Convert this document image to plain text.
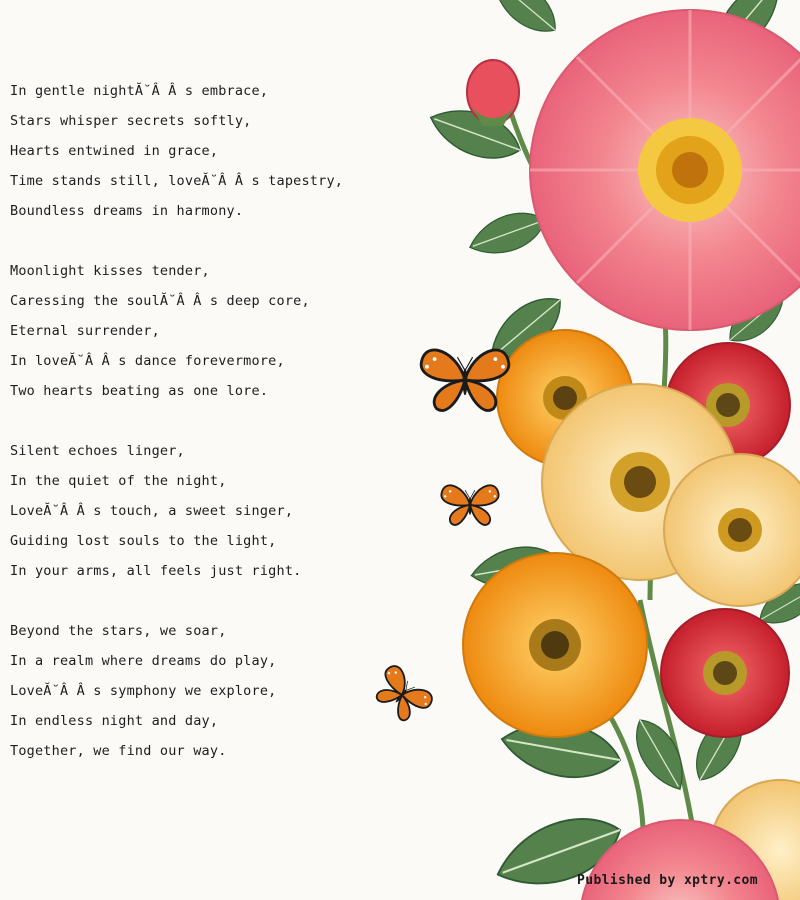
In gentle nightĂ˘Â Â s embrace,
Stars whisper secrets softly,
Hearts entwined in grace,
Time stands still, loveĂ˘Â Â s tapestry,
Boundless dreams in harmony.
Moonlight kisses tender,
Caressing the soulĂ˘Â Â s deep core,
Eternal surrender,
In loveĂ˘Â Â s dance forevermore,
Two hearts beating as one lore.
Silent echoes linger,
In the quiet of the night,
LoveĂ˘Â Â s touch, a sweet singer,
Guiding lost souls to the light,
In your arms, all feels just right.
Beyond the stars, we soar,
In a realm where dreams do play,
LoveĂ˘Â Â s symphony we explore,
In endless night and day,
Together, we find our way.
Published by xptry.com
